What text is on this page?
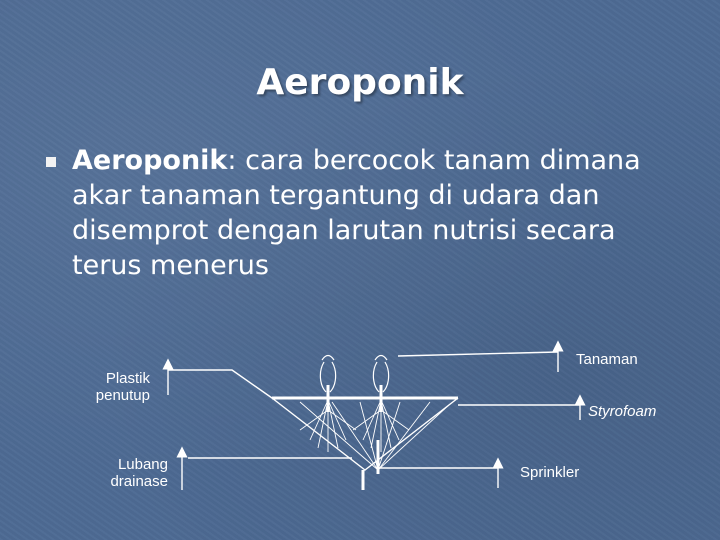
Aeroponik
Aeroponik: cara bercocok tanam dimana akar tanaman tergantung di udara dan disemprot dengan larutan nutrisi secara terus menerus
Plastik
penutup
Lubang
drainase
Tanaman
Styrofoam
Sprinkler
